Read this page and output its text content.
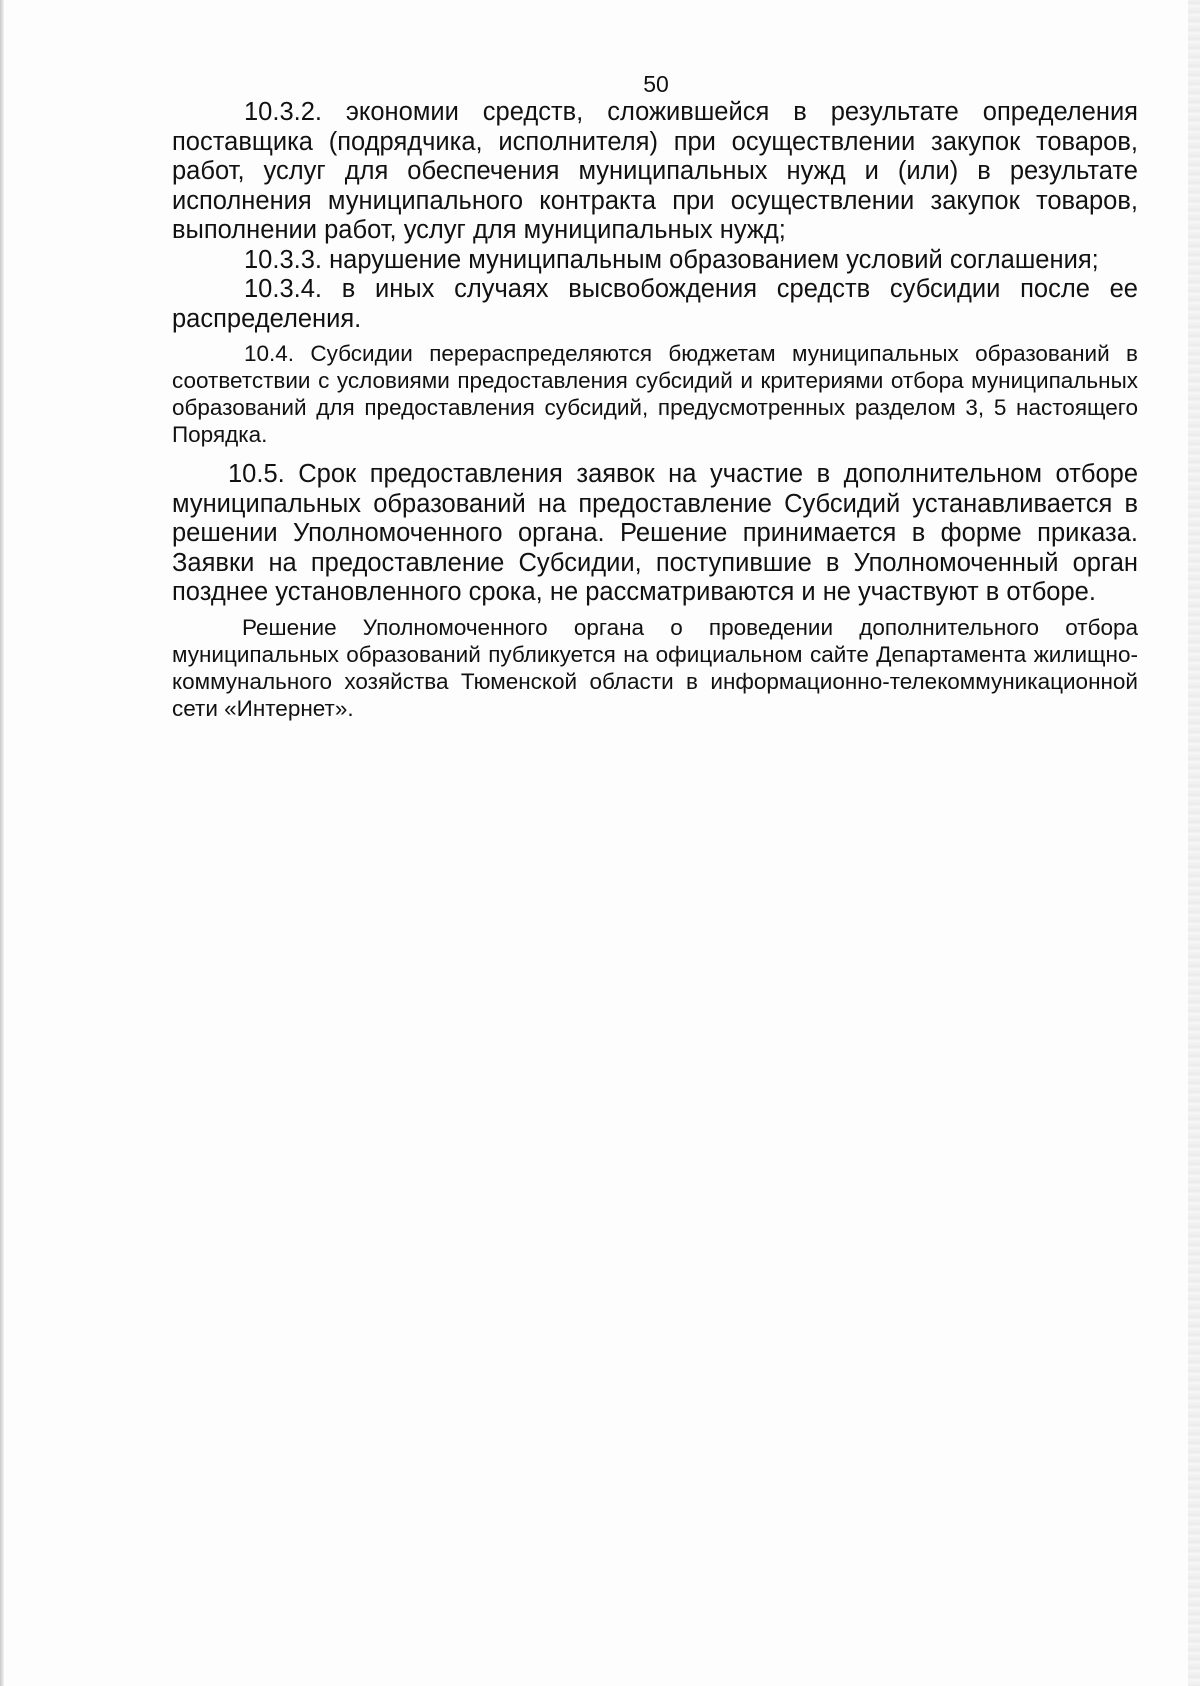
50

10.3.2. экономии средств, сложившейся в результате определения поставщика (подрядчика, исполнителя) при осуществлении закупок товаров, работ, услуг для обеспечения муниципальных нужд и (или) в результате исполнения муниципального контракта при осуществлении закупок товаров, выполнении работ, услуг для муниципальных нужд;

10.3.3. нарушение муниципальным образованием условий соглашения;

10.3.4. в иных случаях высвобождения средств субсидии после ее распределения.

10.4. Субсидии перераспределяются бюджетам муниципальных образований в соответствии с условиями предоставления субсидий и критериями отбора муниципальных образований для предоставления субсидий, предусмотренных разделом 3, 5 настоящего Порядка.

10.5. Срок предоставления заявок на участие в дополнительном отборе муниципальных образований на предоставление Субсидий устанавливается в решении Уполномоченного органа. Решение принимается в форме приказа. Заявки на предоставление Субсидии, поступившие в Уполномоченный орган позднее установленного срока, не рассматриваются и не участвуют в отборе.

Решение Уполномоченного органа о проведении дополнительного отбора муниципальных образований публикуется на официальном сайте Департамента жилищно-коммунального хозяйства Тюменской области в информационно-телекоммуникационной сети «Интернет».
